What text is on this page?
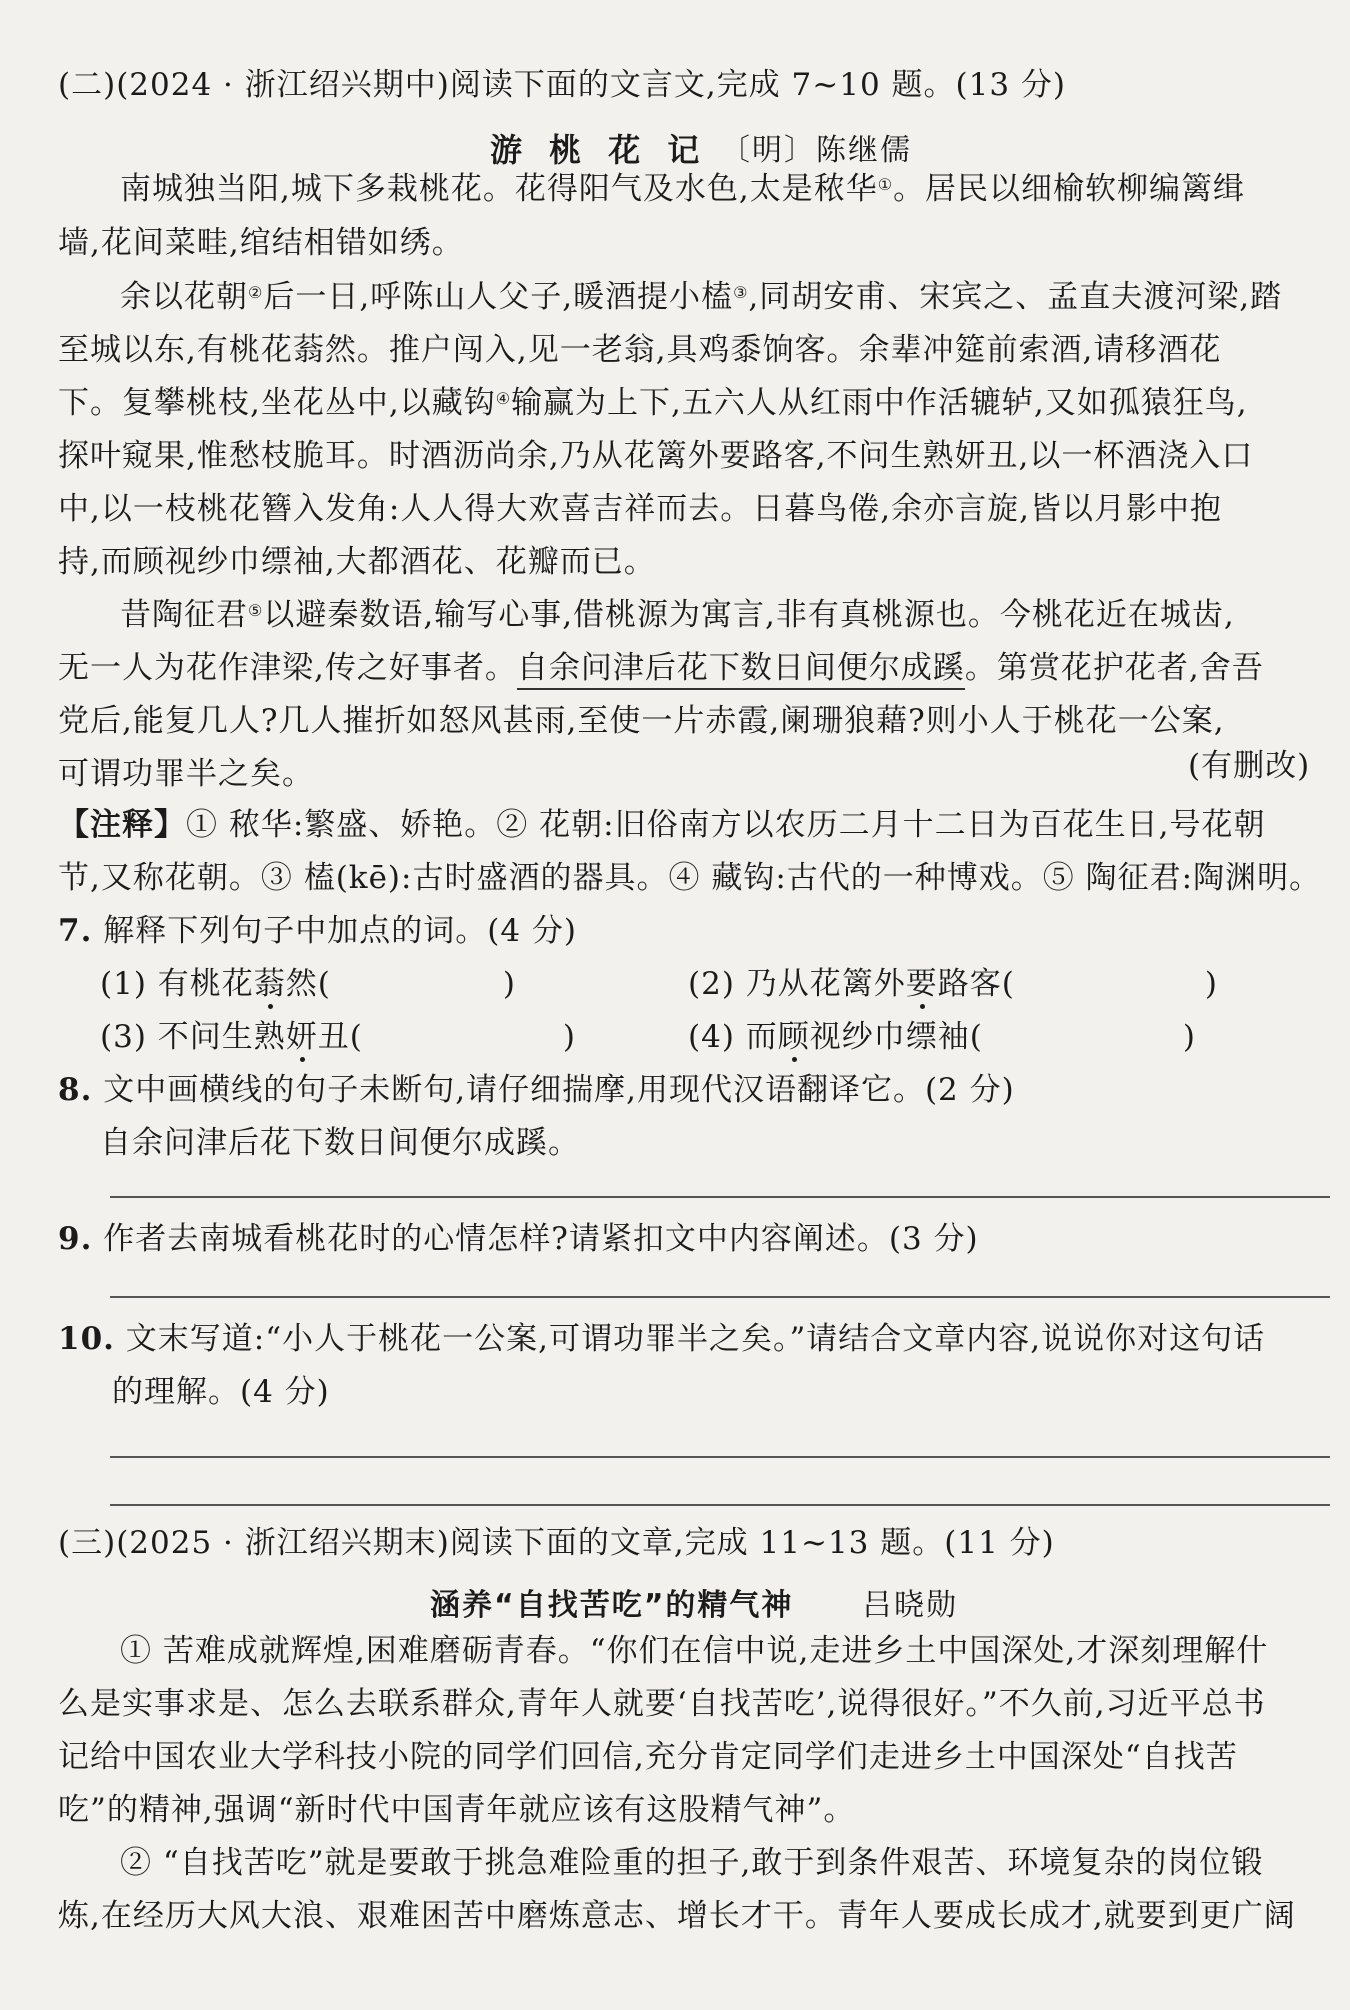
(二)(2024 · 浙江绍兴期中)阅读下面的文言文,完成 7~10 题。(13 分)
游 桃 花 记 〔明〕陈继儒
南城独当阳,城下多栽桃花。花得阳气及水色,太是秾华①。居民以细榆软柳编篱缉
墙,花间菜畦,绾结相错如绣。
余以花朝②后一日,呼陈山人父子,暖酒提小榼③,同胡安甫、宋宾之、孟直夫渡河梁,踏
至城以东,有桃花蓊然。推户闯入,见一老翁,具鸡黍饷客。余辈冲筵前索酒,请移酒花
下。复攀桃枝,坐花丛中,以藏钩④输赢为上下,五六人从红雨中作活辘轳,又如孤猿狂鸟,
探叶窥果,惟愁枝脆耳。时酒沥尚余,乃从花篱外要路客,不问生熟妍丑,以一杯酒浇入口
中,以一枝桃花簪入发角:人人得大欢喜吉祥而去。日暮鸟倦,余亦言旋,皆以月影中抱
持,而顾视纱巾缥袖,大都酒花、花瓣而已。
昔陶征君⑤以避秦数语,输写心事,借桃源为寓言,非有真桃源也。今桃花近在城齿,
无一人为花作津梁,传之好事者。自余问津后花下数日间便尔成蹊。第赏花护花者,舍吾
党后,能复几人?几人摧折如怒风甚雨,至使一片赤霞,阑珊狼藉?则小人于桃花一公案,
可谓功罪半之矣。	(有删改)
【注释】① 秾华:繁盛、娇艳。② 花朝:旧俗南方以农历二月十二日为百花生日,号花朝
节,又称花朝。③ 榼(kē):古时盛酒的器具。④ 藏钩:古代的一种博戏。⑤ 陶征君:陶渊明。
7. 解释下列句子中加点的词。(4 分)
(1) 有桃花蓊然(	)	(2) 乃从花篱外要路客(	)
(3) 不问生熟妍丑(	)	(4) 而顾视纱巾缥袖(	)
8. 文中画横线的句子未断句,请仔细揣摩,用现代汉语翻译它。(2 分)
自余问津后花下数日间便尔成蹊。
9. 作者去南城看桃花时的心情怎样?请紧扣文中内容阐述。(3 分)
10. 文末写道:“小人于桃花一公案,可谓功罪半之矣。”请结合文章内容,说说你对这句话
的理解。(4 分)
(三)(2025 · 浙江绍兴期末)阅读下面的文章,完成 11~13 题。(11 分)
涵养“自找苦吃”的精气神 吕晓勋
① 苦难成就辉煌,困难磨砺青春。“你们在信中说,走进乡土中国深处,才深刻理解什
么是实事求是、怎么去联系群众,青年人就要‘自找苦吃’,说得很好。”不久前,习近平总书
记给中国农业大学科技小院的同学们回信,充分肯定同学们走进乡土中国深处“自找苦
吃”的精神,强调“新时代中国青年就应该有这股精气神”。
② “自找苦吃”就是要敢于挑急难险重的担子,敢于到条件艰苦、环境复杂的岗位锻
炼,在经历大风大浪、艰难困苦中磨炼意志、增长才干。青年人要成长成才,就要到更广阔
